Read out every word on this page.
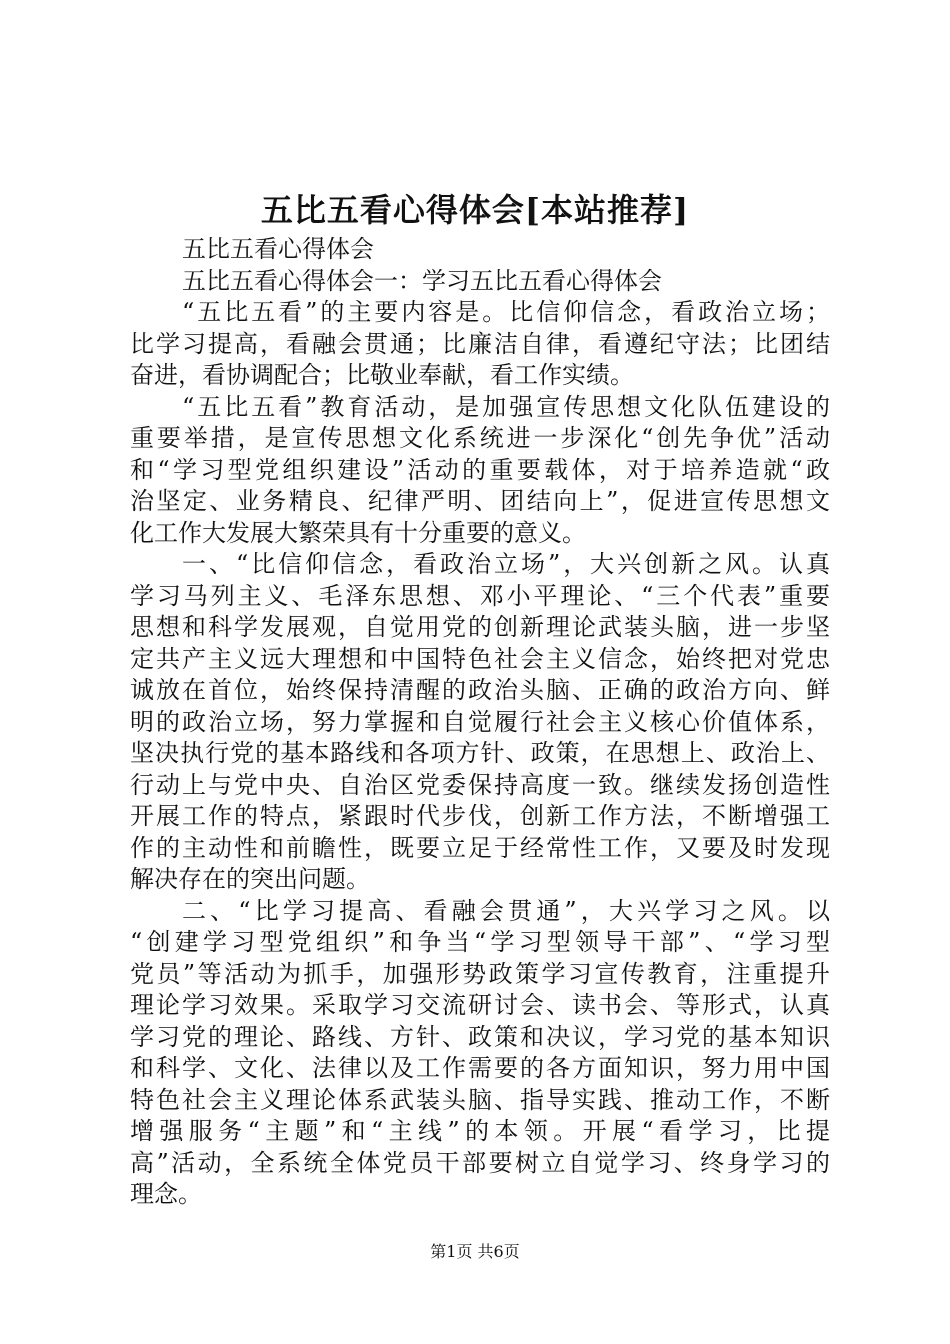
五比五看心得体会[本站推荐]
五比五看心得体会
五比五看心得体会一：学习五比五看心得体会
“五比五看”的主要内容是。比信仰信念，看政治立场；
比学习提高，看融会贯通；比廉洁自律，看遵纪守法；比团结
奋进，看协调配合；比敬业奉献，看工作实绩。
“五比五看”教育活动，是加强宣传思想文化队伍建设的
重要举措，是宣传思想文化系统进一步深化“创先争优”活动
和“学习型党组织建设”活动的重要载体，对于培养造就“政
治坚定、业务精良、纪律严明、团结向上”，促进宣传思想文
化工作大发展大繁荣具有十分重要的意义。
一、“比信仰信念，看政治立场”，大兴创新之风。认真
学习马列主义、毛泽东思想、邓小平理论、“三个代表”重要
思想和科学发展观，自觉用党的创新理论武装头脑，进一步坚
定共产主义远大理想和中国特色社会主义信念，始终把对党忠
诚放在首位，始终保持清醒的政治头脑、正确的政治方向、鲜
明的政治立场，努力掌握和自觉履行社会主义核心价值体系，
坚决执行党的基本路线和各项方针、政策，在思想上、政治上、
行动上与党中央、自治区党委保持高度一致。继续发扬创造性
开展工作的特点，紧跟时代步伐，创新工作方法，不断增强工
作的主动性和前瞻性，既要立足于经常性工作，又要及时发现
解决存在的突出问题。
二、“比学习提高、看融会贯通”，大兴学习之风。以
“创建学习型党组织”和争当“学习型领导干部”、“学习型
党员”等活动为抓手，加强形势政策学习宣传教育，注重提升
理论学习效果。采取学习交流研讨会、读书会、等形式，认真
学习党的理论、路线、方针、政策和决议，学习党的基本知识
和科学、文化、法律以及工作需要的各方面知识，努力用中国
特色社会主义理论体系武装头脑、指导实践、推动工作，不断
增强服务“主题”和“主线”的本领。开展“看学习，比提
高”活动，全系统全体党员干部要树立自觉学习、终身学习的
理念。
第1页 共6页
